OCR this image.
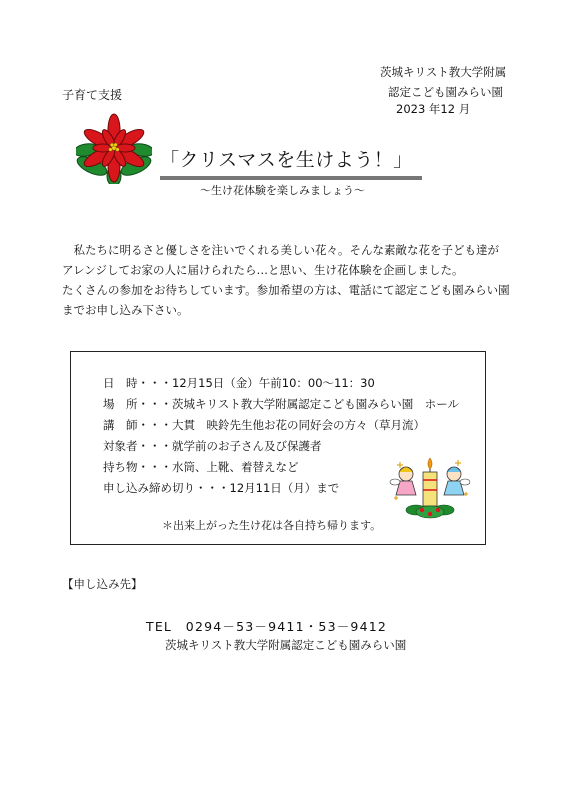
茨城キリスト教大学附属
認定こども園みらい園
2023 年12 月
子育て支援
「クリスマスを生けよう！」
～生け花体験を楽しみましょう～

　私たちに明るさと優しさを注いでくれる美しい花々。そんな素敵な花を子ども達が

アレンジしてお家の人に届けられたら…と思い、生け花体験を企画しました。

たくさんの参加をお待ちしています。参加希望の方は、電話にて認定こども園みらい園

までお申し込み下さい。

日　時・・・12月15日（金）午前10：00～11：30
場　所・・・茨城キリスト教大学附属認定こども園みらい園　ホール
講　師・・・大貫　映鈴先生他お花の同好会の方々（草月流）
対象者・・・就学前のお子さん及び保護者
持ち物・・・水筒、上靴、着替えなど
申し込み締め切り・・・12月11日（月）まで
＊出来上がった生け花は各自持ち帰ります。
【申し込み先】
TEL　0294－53－9411・53－9412
茨城キリスト教大学附属認定こども園みらい園
